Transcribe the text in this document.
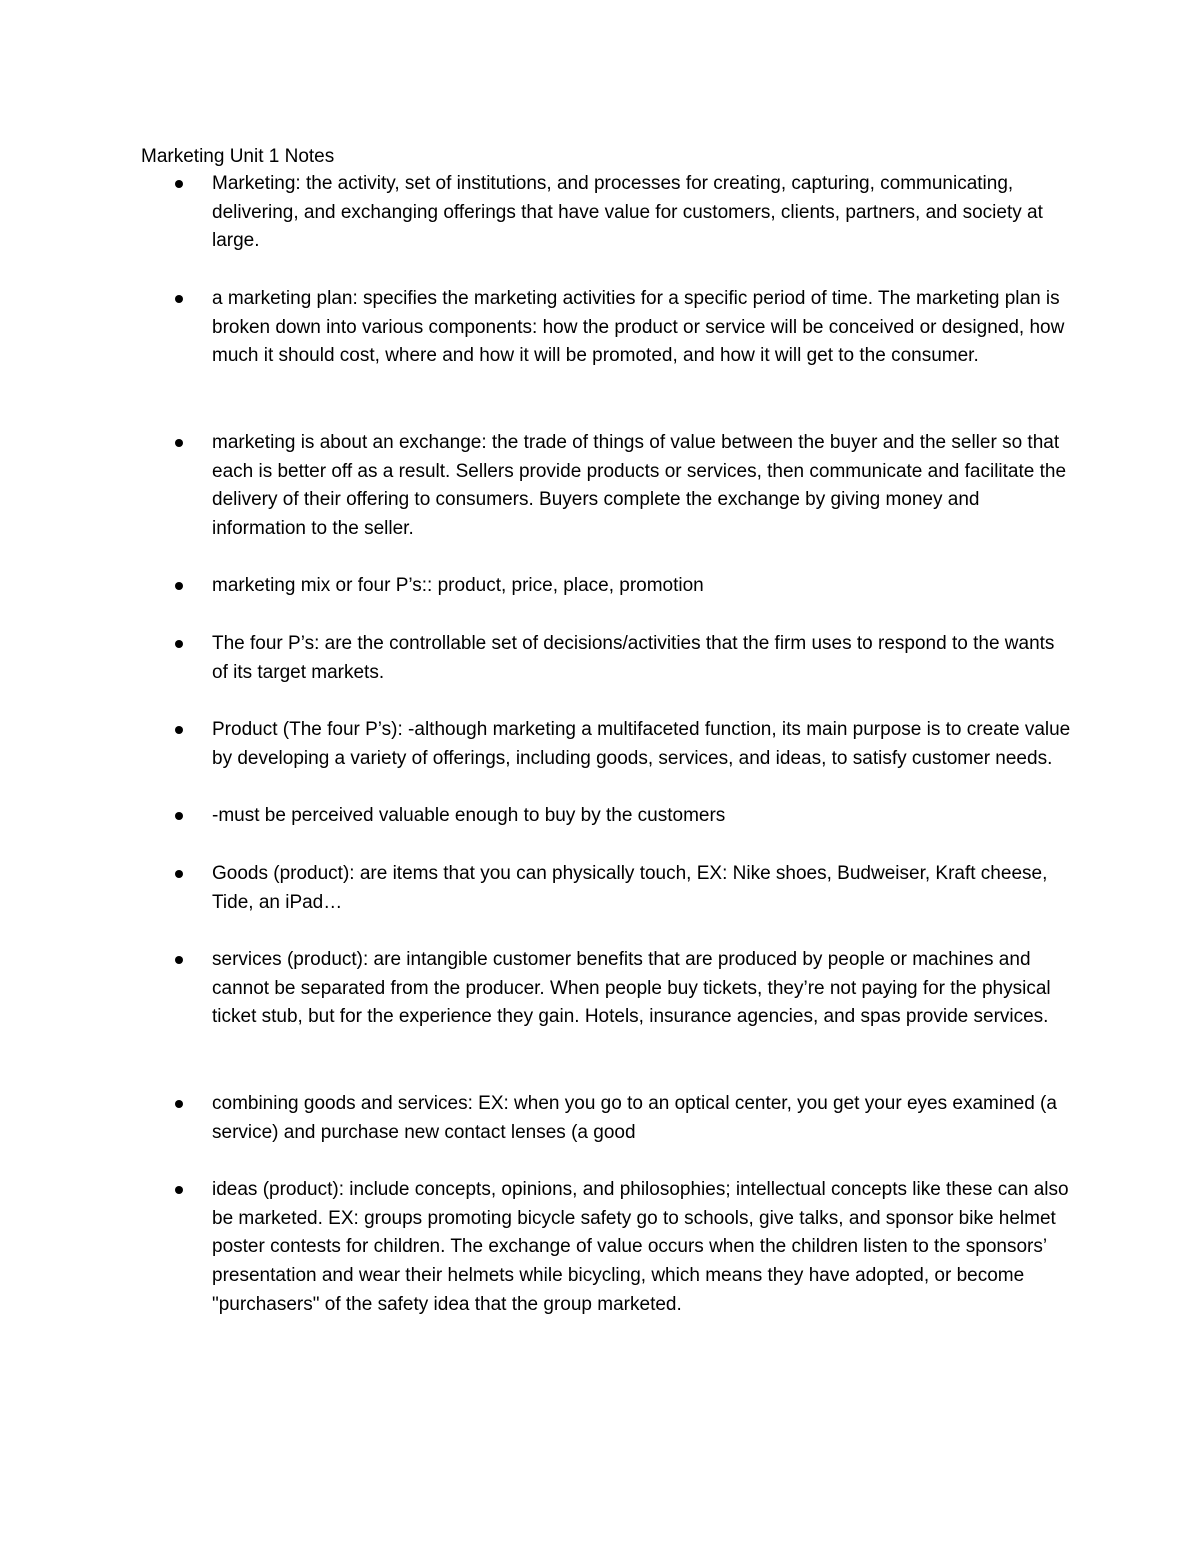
Marketing Unit 1 Notes
Marketing: the activity, set of institutions, and processes for creating, capturing, communicating, delivering, and exchanging offerings that have value for customers, clients, partners, and society at large.
a marketing plan: specifies the marketing activities for a specific period of time. The marketing plan is broken down into various components: how the product or service will be conceived or designed, how much it should cost, where and how it will be promoted, and how it will get to the consumer.
marketing is about an exchange: the trade of things of value between the buyer and the seller so that each is better off as a result. Sellers provide products or services, then communicate and facilitate the delivery of their offering to consumers. Buyers complete the exchange by giving money and information to the seller.
marketing mix or four P’s:: product, price, place, promotion
The four P’s: are the controllable set of decisions/activities that the firm uses to respond to the wants of its target markets.
Product (The four P’s): -although marketing a multifaceted function, its main purpose is to create value by developing a variety of offerings, including goods, services, and ideas, to satisfy customer needs.
-must be perceived valuable enough to buy by the customers
Goods (product): are items that you can physically touch, EX: Nike shoes, Budweiser, Kraft cheese, Tide, an iPad…
services (product): are intangible customer benefits that are produced by people or machines and cannot be separated from the producer. When people buy tickets, they’re not paying for the physical ticket stub, but for the experience they gain. Hotels, insurance agencies, and spas provide services.
combining goods and services: EX: when you go to an optical center, you get your eyes examined (a service) and purchase new contact lenses (a good
ideas (product): include concepts, opinions, and philosophies; intellectual concepts like these can also be marketed. EX: groups promoting bicycle safety go to schools, give talks, and sponsor bike helmet poster contests for children. The exchange of value occurs when the children listen to the sponsors’ presentation and wear their helmets while bicycling, which means they have adopted, or become "purchasers" of the safety idea that the group marketed.
